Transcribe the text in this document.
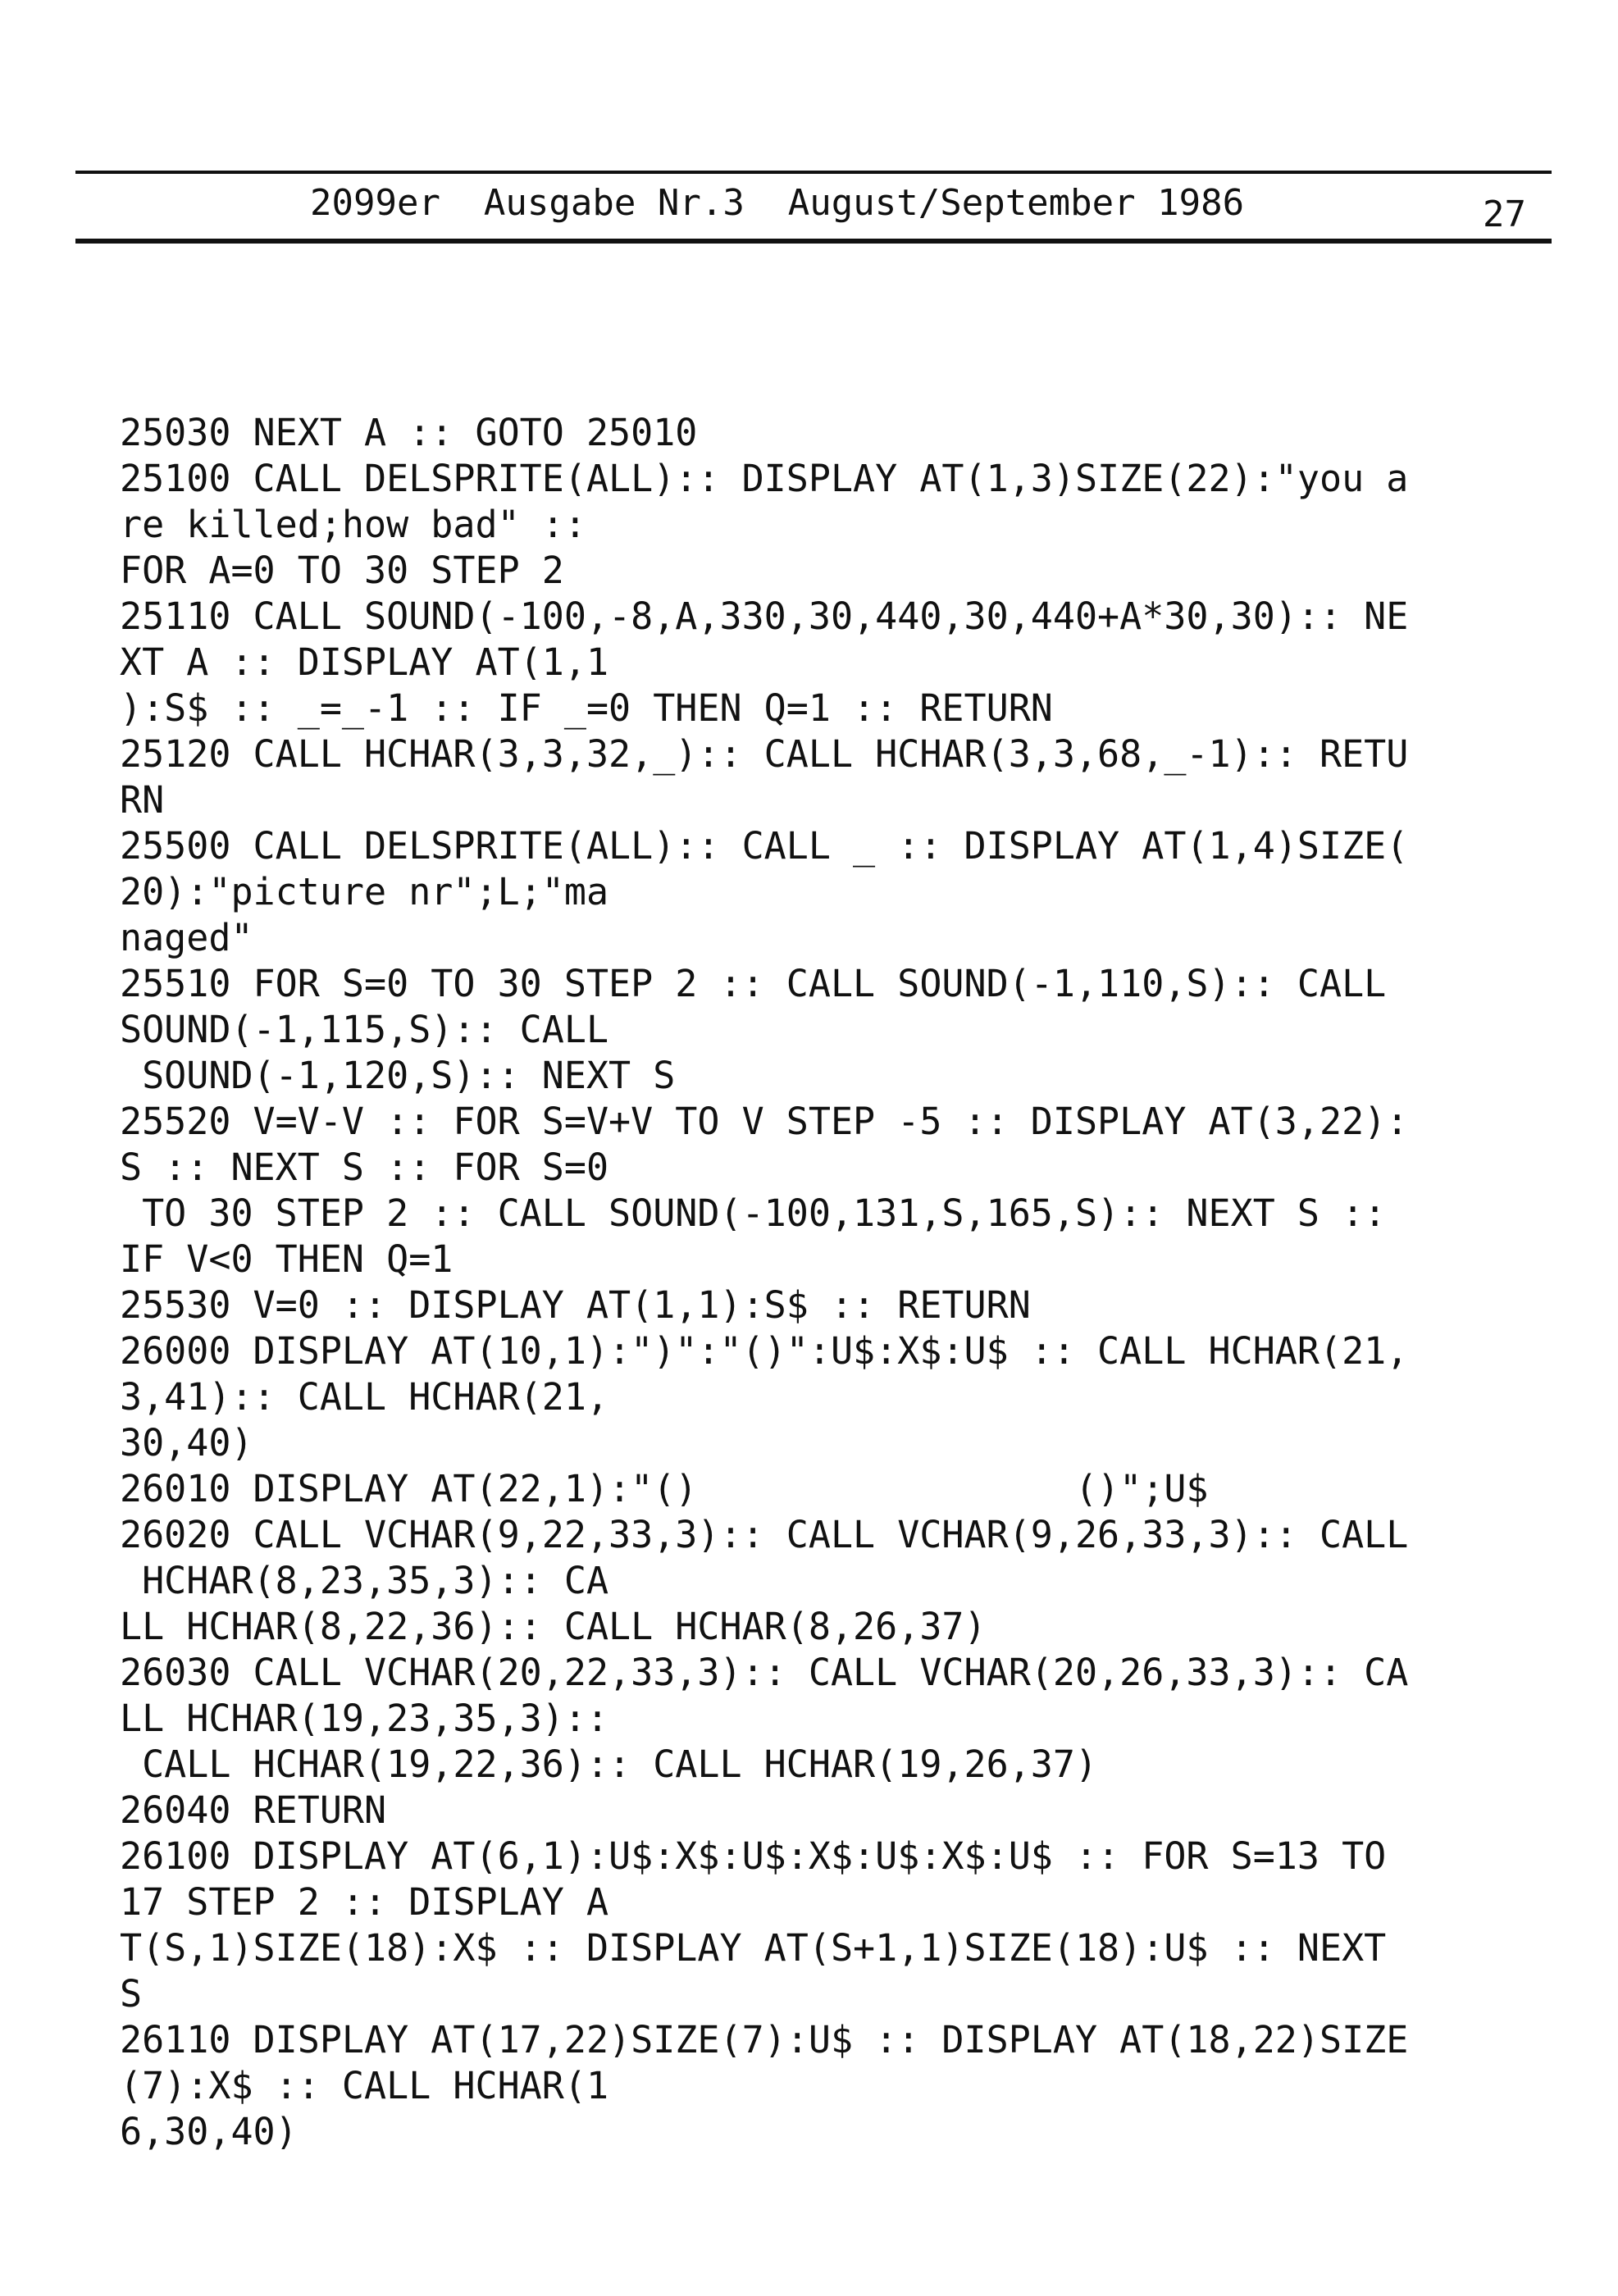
2099er  Ausgabe Nr.3  August/September 1986	27
25030 NEXT A :: GOTO 25010
25100 CALL DELSPRITE(ALL):: DISPLAY AT(1,3)SIZE(22):"you a
re killed;how bad" ::
FOR A=0 TO 30 STEP 2
25110 CALL SOUND(-100,-8,A,330,30,440,30,440+A*30,30):: NE
XT A :: DISPLAY AT(1,1
):S$ :: _=_-1 :: IF _=0 THEN Q=1 :: RETURN
25120 CALL HCHAR(3,3,32,_):: CALL HCHAR(3,3,68,_-1):: RETU
RN
25500 CALL DELSPRITE(ALL):: CALL _ :: DISPLAY AT(1,4)SIZE(
20):"picture nr";L;"ma
naged"
25510 FOR S=0 TO 30 STEP 2 :: CALL SOUND(-1,110,S):: CALL
SOUND(-1,115,S):: CALL
SOUND(-1,120,S):: NEXT S
25520 V=V-V :: FOR S=V+V TO V STEP -5 :: DISPLAY AT(3,22):
S :: NEXT S :: FOR S=0
TO 30 STEP 2 :: CALL SOUND(-100,131,S,165,S):: NEXT S ::
IF V<0 THEN Q=1
25530 V=0 :: DISPLAY AT(1,1):S$ :: RETURN
26000 DISPLAY AT(10,1):")":"()":U$:X$:U$ :: CALL HCHAR(21,
3,41):: CALL HCHAR(21,
30,40)
26010 DISPLAY AT(22,1):"()                 ()";U$
26020 CALL VCHAR(9,22,33,3):: CALL VCHAR(9,26,33,3):: CALL
HCHAR(8,23,35,3):: CA
LL HCHAR(8,22,36):: CALL HCHAR(8,26,37)
26030 CALL VCHAR(20,22,33,3):: CALL VCHAR(20,26,33,3):: CA
LL HCHAR(19,23,35,3)::
CALL HCHAR(19,22,36):: CALL HCHAR(19,26,37)
26040 RETURN
26100 DISPLAY AT(6,1):U$:X$:U$:X$:U$:X$:U$ :: FOR S=13 TO
17 STEP 2 :: DISPLAY A
T(S,1)SIZE(18):X$ :: DISPLAY AT(S+1,1)SIZE(18):U$ :: NEXT
S
26110 DISPLAY AT(17,22)SIZE(7):U$ :: DISPLAY AT(18,22)SIZE
(7):X$ :: CALL HCHAR(1
6,30,40)
